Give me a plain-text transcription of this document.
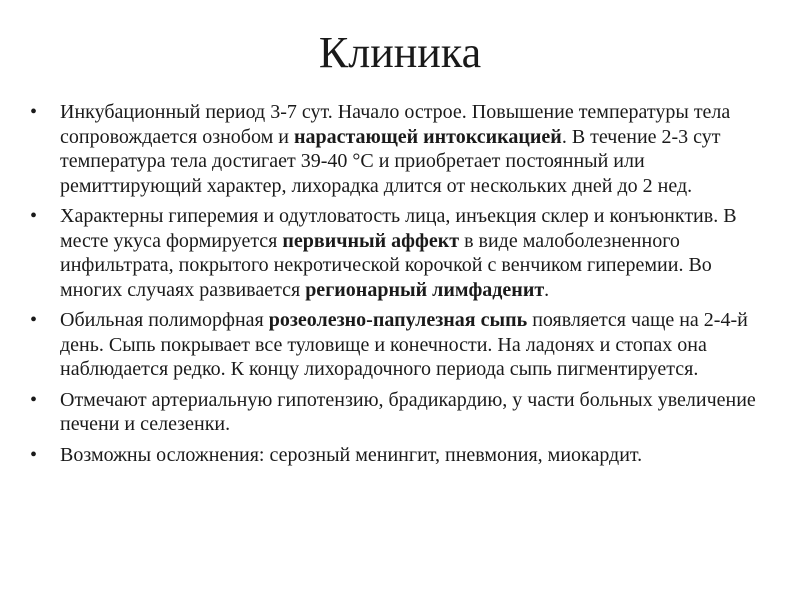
Клиника
• Инкубационный период 3-7 сут. Начало острое. Повышение температуры тела сопровождается ознобом и нарастающей интоксикацией. В течение 2-3 сут температура тела достигает 39-40 °С и приобретает постоянный или ремиттирующий характер, лихорадка длится от нескольких дней до 2 нед.
• Характерны гиперемия и одутловатость лица, инъекция склер и конъюнктив. В месте укуса формируется первичный аффект в виде малоболезненного инфильтрата, покрытого некротической корочкой с венчиком гиперемии. Во многих случаях развивается регионарный лимфаденит.
• Обильная полиморфная розеолезно-папулезная сыпь появляется чаще на 2-4-й день. Сыпь покрывает все туловище и конечности. На ладонях и стопах она наблюдается редко. К концу лихорадочного периода сыпь пигментируется.
• Отмечают артериальную гипотензию, брадикардию, у части больных увеличение печени и селезенки.
• Возможны осложнения: серозный менингит, пневмония, миокардит.
